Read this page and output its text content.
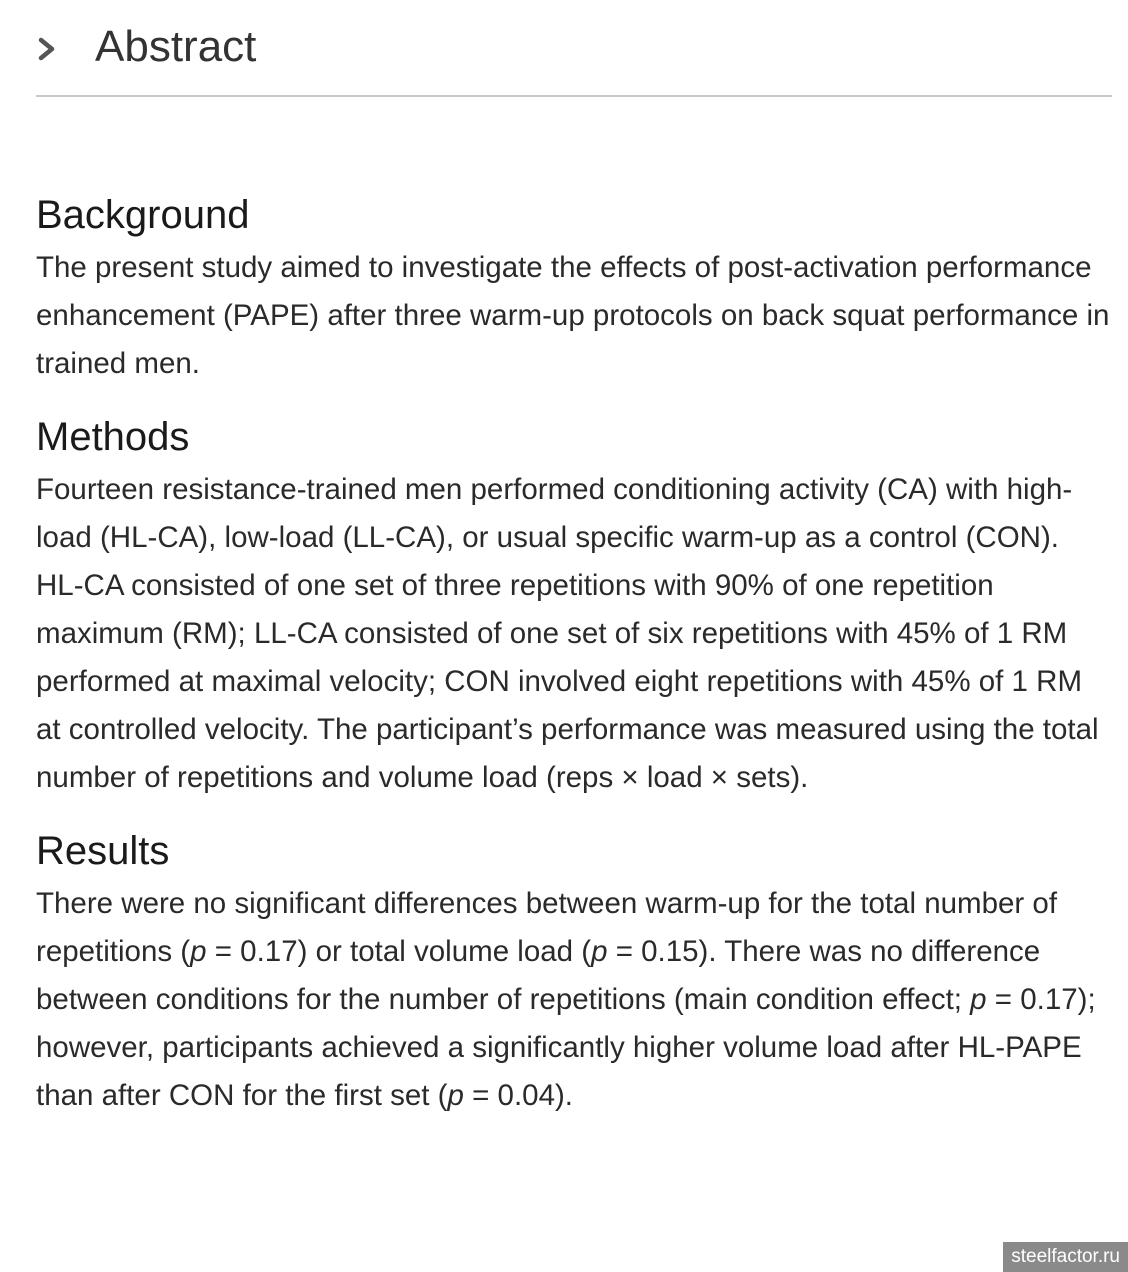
Abstract
Background

The present study aimed to investigate the effects of post-activation performance enhancement (PAPE) after three warm-up protocols on back squat performance in trained men.

Methods

Fourteen resistance-trained men performed conditioning activity (CA) with high-load (HL-CA), low-load (LL-CA), or usual specific warm-up as a control (CON). HL-CA consisted of one set of three repetitions with 90% of one repetition maximum (RM); LL-CA consisted of one set of six repetitions with 45% of 1 RM performed at maximal velocity; CON involved eight repetitions with 45% of 1 RM at controlled velocity. The participant’s performance was measured using the total number of repetitions and volume load (reps × load × sets).

Results

There were no significant differences between warm-up for the total number of repetitions (p = 0.17) or total volume load (p = 0.15). There was no difference between conditions for the number of repetitions (main condition effect; p = 0.17); however, participants achieved a significantly higher volume load after HL-PAPE than after CON for the first set (p = 0.04).

steelfactor.ru
